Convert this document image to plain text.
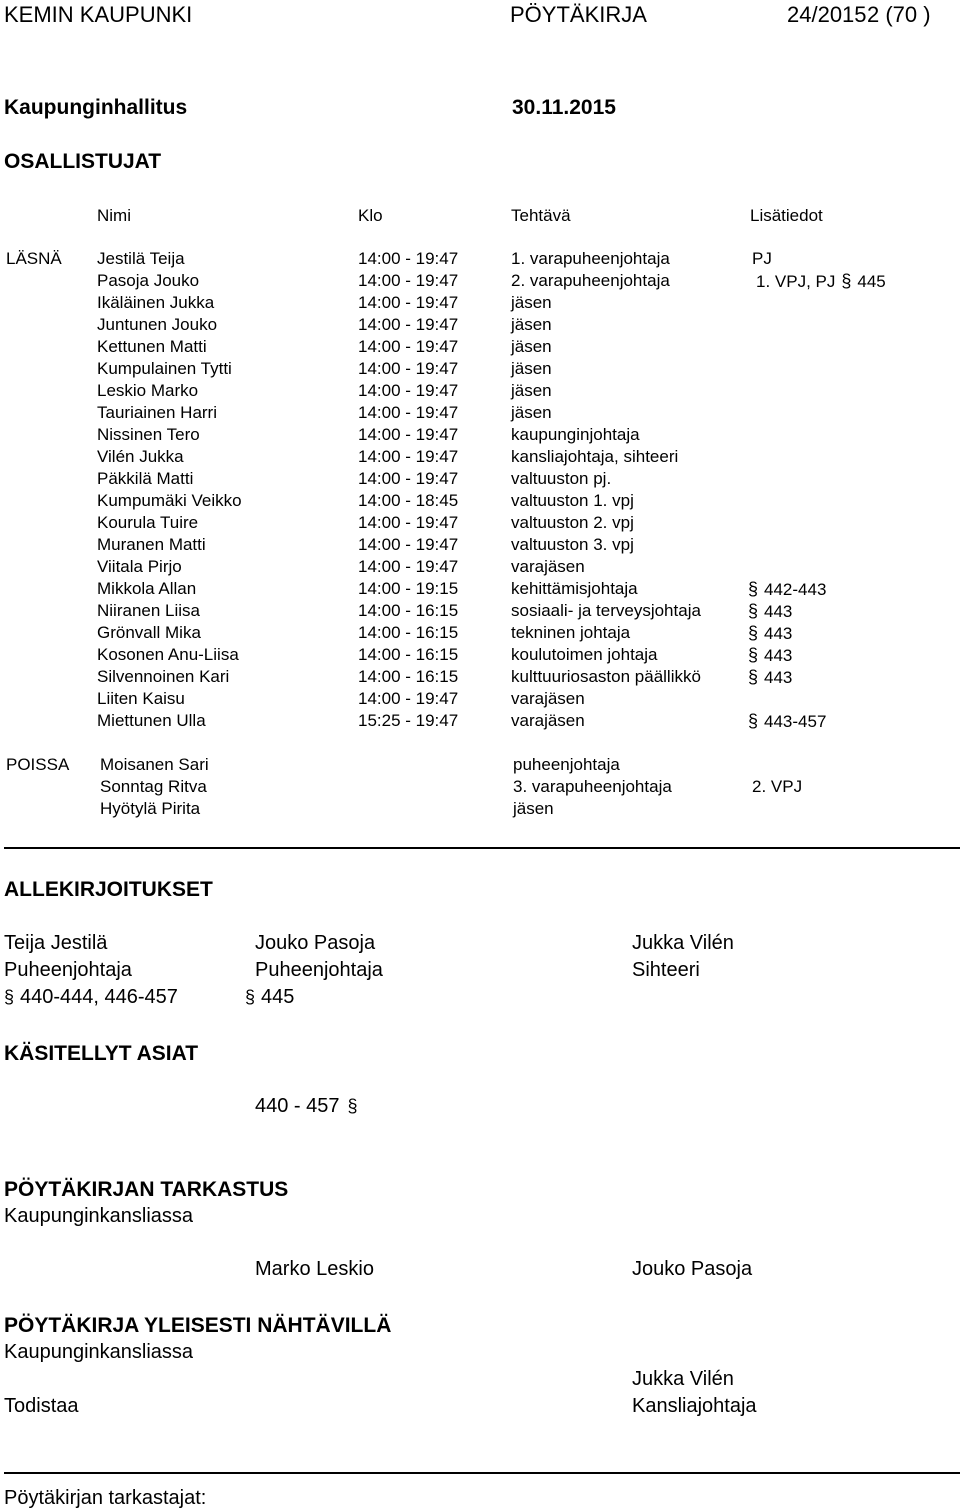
KEMIN KAUPUNKI	PÖYTÄKIRJA	24/2015 2 (70 )
Kaupunginhallitus	30.11.2015
OSALLISTUJAT
Nimi	Klo	Tehtävä	Lisätiedot
LÄSNÄ Jestilä Teija	14:00 - 19:47	1. varapuheenjohtaja	PJ
Pasoja Jouko	14:00 - 19:47	2. varapuheenjohtaja	1. VPJ, PJ § 445
Ikäläinen Jukka	14:00 - 19:47	jäsen
Juntunen Jouko	14:00 - 19:47	jäsen
Kettunen Matti	14:00 - 19:47	jäsen
Kumpulainen Tytti	14:00 - 19:47	jäsen
Leskio Marko	14:00 - 19:47	jäsen
Tauriainen Harri	14:00 - 19:47	jäsen
Nissinen Tero	14:00 - 19:47	kaupunginjohtaja
Vilén Jukka	14:00 - 19:47	kansliajohtaja, sihteeri
Päkkilä Matti	14:00 - 19:47	valtuuston pj.
Kumpumäki Veikko	14:00 - 18:45	valtuuston 1. vpj
Kourula Tuire	14:00 - 19:47	valtuuston 2. vpj
Muranen Matti	14:00 - 19:47	valtuuston 3. vpj
Viitala Pirjo	14:00 - 19:47	varajäsen
Mikkola Allan	14:00 - 19:15	kehittämisjohtaja	§ 442-443
Niiranen Liisa	14:00 - 16:15	sosiaali- ja terveysjohtaja	§ 443
Grönvall Mika	14:00 - 16:15	tekninen johtaja	§ 443
Kosonen Anu-Liisa	14:00 - 16:15	koulutoimen johtaja	§ 443
Silvennoinen Kari	14:00 - 16:15	kulttuuriosaston päällikkö	§ 443
Liiten Kaisu	14:00 - 19:47	varajäsen
Miettunen Ulla	15:25 - 19:47	varajäsen	§ 443-457
POISSA Moisanen Sari	puheenjohtaja
Sonntag Ritva	3. varapuheenjohtaja	2. VPJ
Hyötylä Pirita	jäsen
ALLEKIRJOITUKSET
Teija Jestilä
Puheenjohtaja
§ 440-444, 446-457
Jouko Pasoja
Puheenjohtaja
§ 445
Jukka Vilén
Sihteeri
KÄSITELLYT ASIAT
440 - 457 §
PÖYTÄKIRJAN TARKASTUS
Kaupunginkansliassa
Marko Leskio	Jouko Pasoja
PÖYTÄKIRJA YLEISESTI NÄHTÄVILLÄ
Kaupunginkansliassa
Jukka Vilén
Todistaa	Kansliajohtaja
Pöytäkirjan tarkastajat:
